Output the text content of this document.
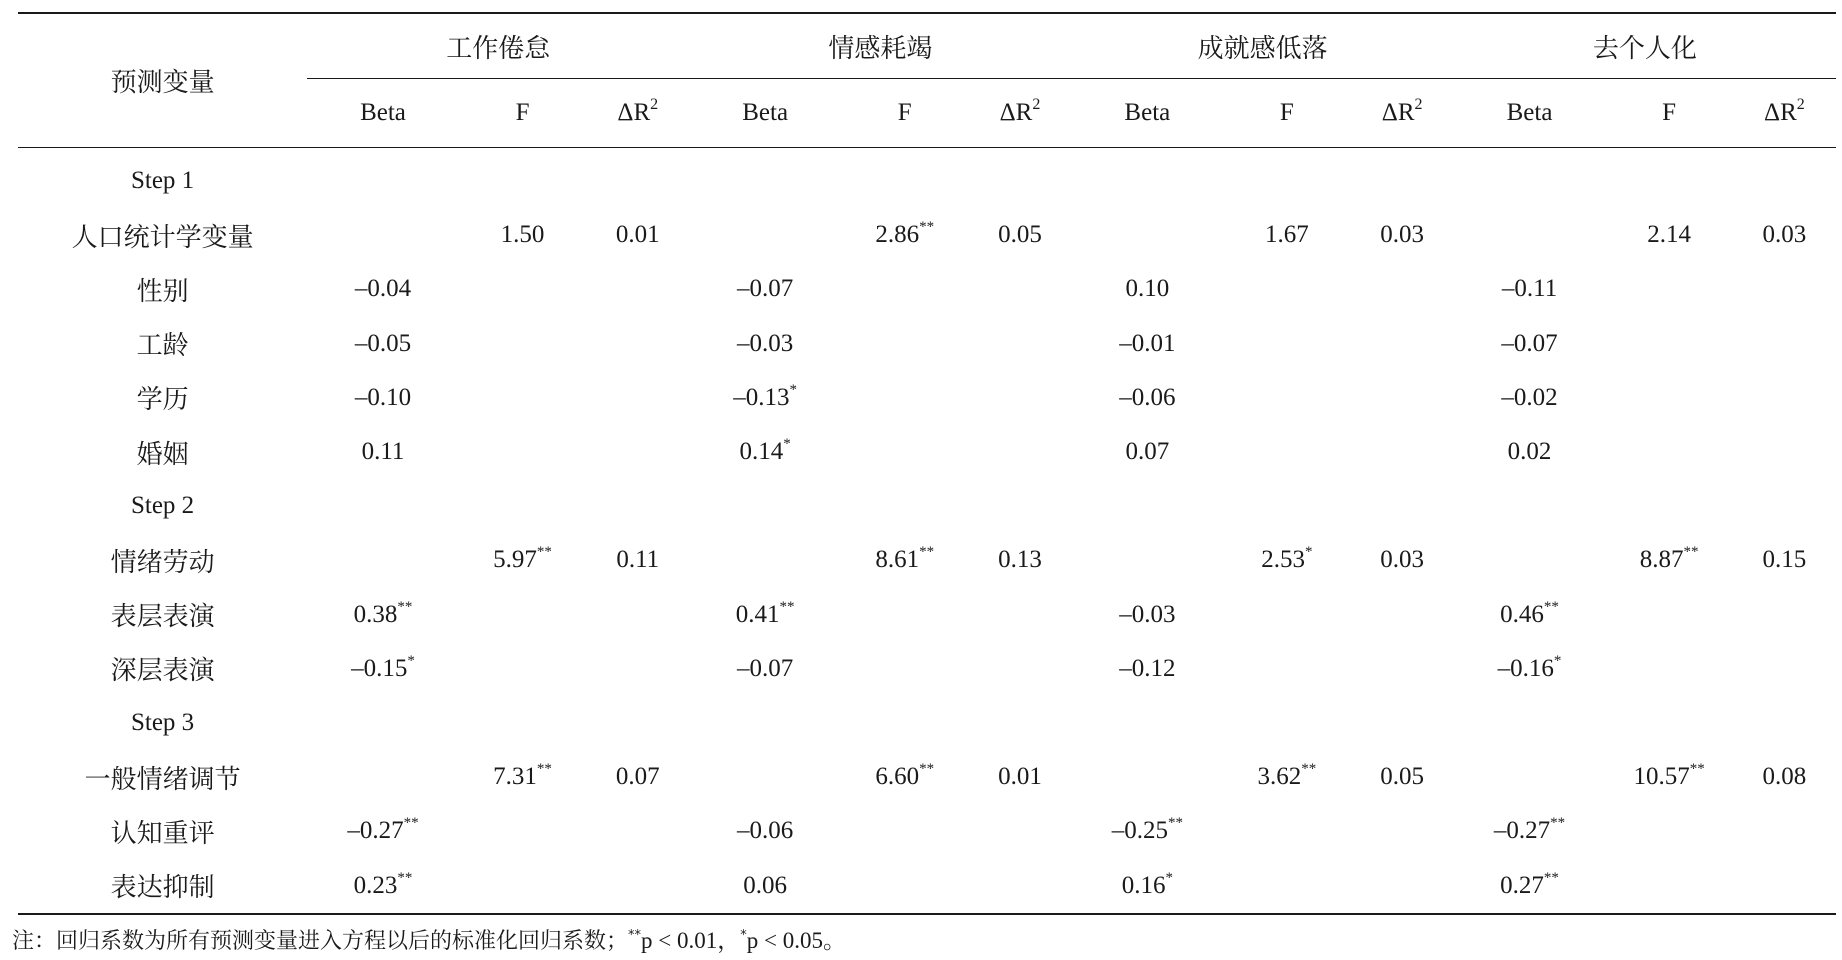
预测变量	工作倦怠			情感耗竭			成就感低落			去个人化		
	Beta	F	$\Delta R^2$	Beta	F	$\Delta R^2$	Beta	F	$\Delta R^2$	Beta	F	$\Delta R^2$
Step 1												
人口统计学变量		1.50	0.01		2.86**	0.05		1.67	0.03		2.14	0.03
性别	–0.04			–0.07			0.10			–0.11		
工龄	–0.05			–0.03			–0.01			–0.07		
学历	–0.10			–0.13*			–0.06			–0.02		
婚姻	0.11			0.14*			0.07			0.02		
Step 2												
情绪劳动		5.97**	0.11		8.61**	0.13		2.53*	0.03		8.87**	0.15
表层表演	0.38**			0.41**			–0.03			0.46**		
深层表演	–0.15*			–0.07			–0.12			–0.16*		
Step 3												
一般情绪调节		7.31**	0.07		6.60**	0.01		3.62**	0.05		10.57**	0.08
认知重评	–0.27**			–0.06			–0.25**			–0.27**		
表达抑制	0.23**			0.06			0.16*			0.27**		
注：回归系数为所有预测变量进入方程以后的标准化回归系数；**p < 0.01，*p < 0.05。
